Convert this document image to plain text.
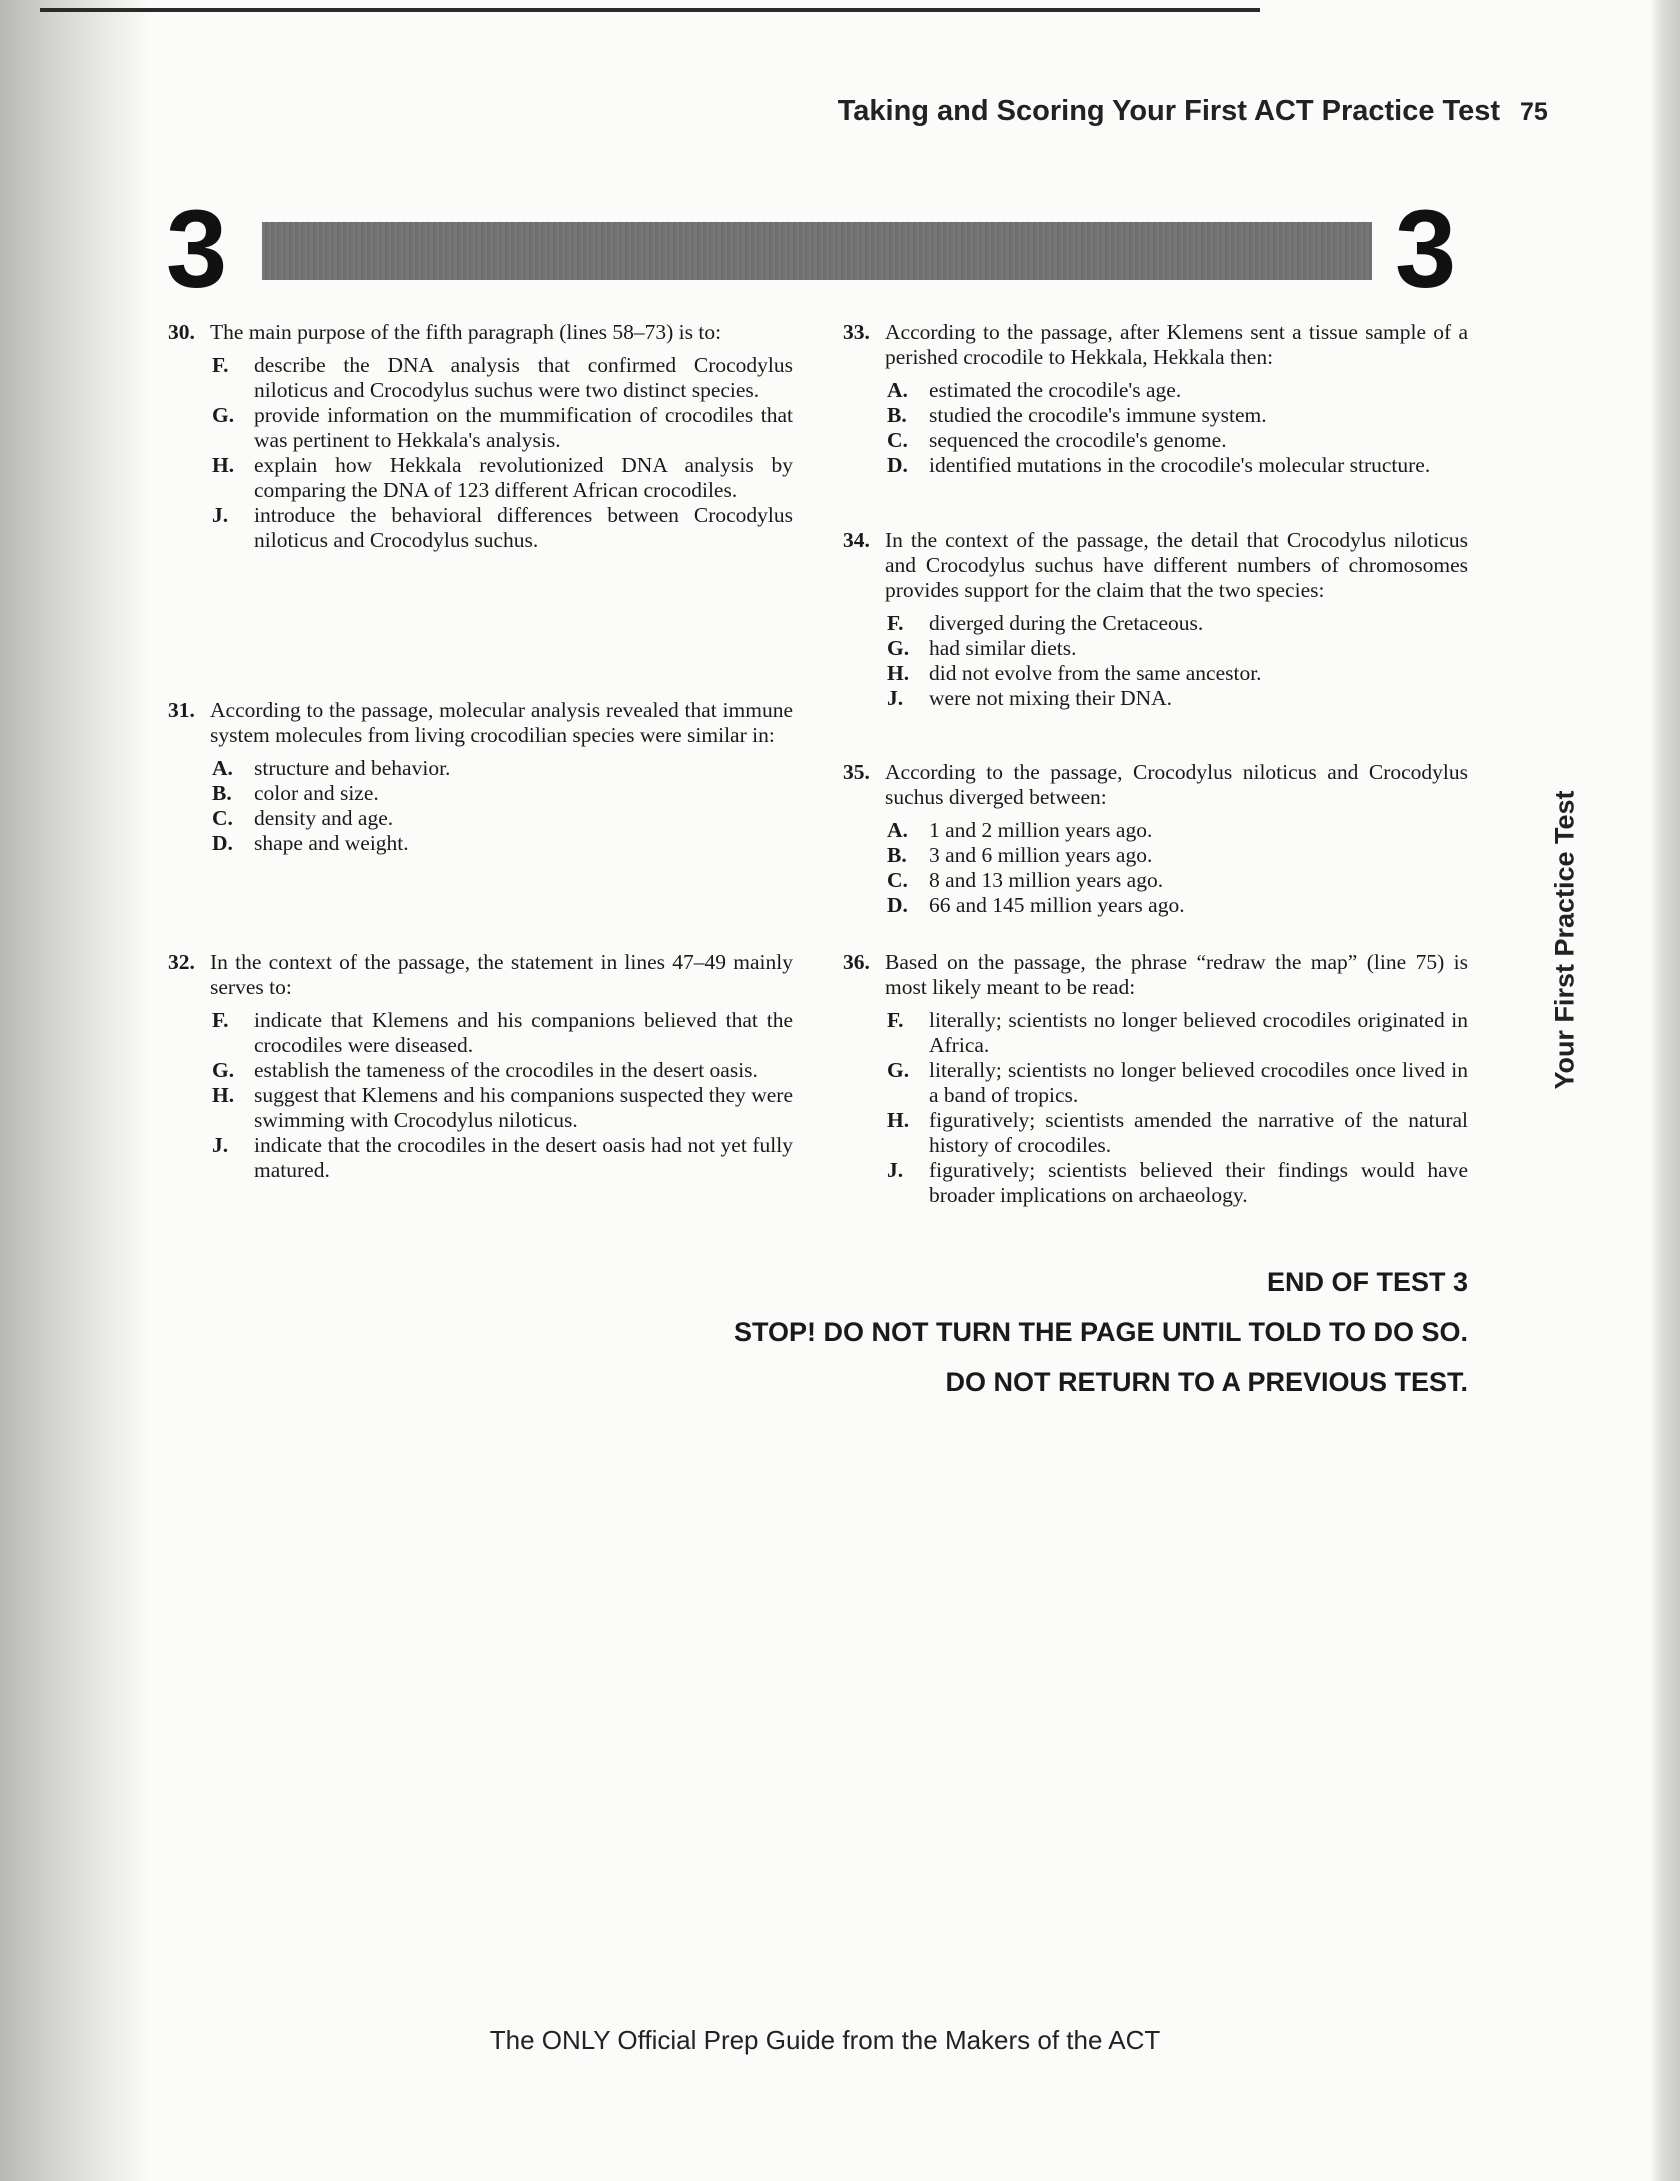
Taking and Scoring Your First ACT Practice Test 75
3	3
30. The main purpose of the fifth paragraph (lines 58–73) is to:
F. describe the DNA analysis that confirmed Crocodylus niloticus and Crocodylus suchus were two distinct species.
G. provide information on the mummification of crocodiles that was pertinent to Hekkala's analysis.
H. explain how Hekkala revolutionized DNA analysis by comparing the DNA of 123 different African crocodiles.
J. introduce the behavioral differences between Crocodylus niloticus and Crocodylus suchus.
31. According to the passage, molecular analysis revealed that immune system molecules from living crocodilian species were similar in:
A. structure and behavior.
B. color and size.
C. density and age.
D. shape and weight.
32. In the context of the passage, the statement in lines 47–49 mainly serves to:
F. indicate that Klemens and his companions believed that the crocodiles were diseased.
G. establish the tameness of the crocodiles in the desert oasis.
H. suggest that Klemens and his companions suspected they were swimming with Crocodylus niloticus.
J. indicate that the crocodiles in the desert oasis had not yet fully matured.
33. According to the passage, after Klemens sent a tissue sample of a perished crocodile to Hekkala, Hekkala then:
A. estimated the crocodile's age.
B. studied the crocodile's immune system.
C. sequenced the crocodile's genome.
D. identified mutations in the crocodile's molecular structure.
34. In the context of the passage, the detail that Crocodylus niloticus and Crocodylus suchus have different numbers of chromosomes provides support for the claim that the two species:
F. diverged during the Cretaceous.
G. had similar diets.
H. did not evolve from the same ancestor.
J. were not mixing their DNA.
35. According to the passage, Crocodylus niloticus and Crocodylus suchus diverged between:
A. 1 and 2 million years ago.
B. 3 and 6 million years ago.
C. 8 and 13 million years ago.
D. 66 and 145 million years ago.
36. Based on the passage, the phrase “redraw the map” (line 75) is most likely meant to be read:
F. literally; scientists no longer believed crocodiles originated in Africa.
G. literally; scientists no longer believed crocodiles once lived in a band of tropics.
H. figuratively; scientists amended the narrative of the natural history of crocodiles.
J. figuratively; scientists believed their findings would have broader implications on archaeology.
END OF TEST 3
STOP! DO NOT TURN THE PAGE UNTIL TOLD TO DO SO.
DO NOT RETURN TO A PREVIOUS TEST.
Your First Practice Test
The ONLY Official Prep Guide from the Makers of the ACT
